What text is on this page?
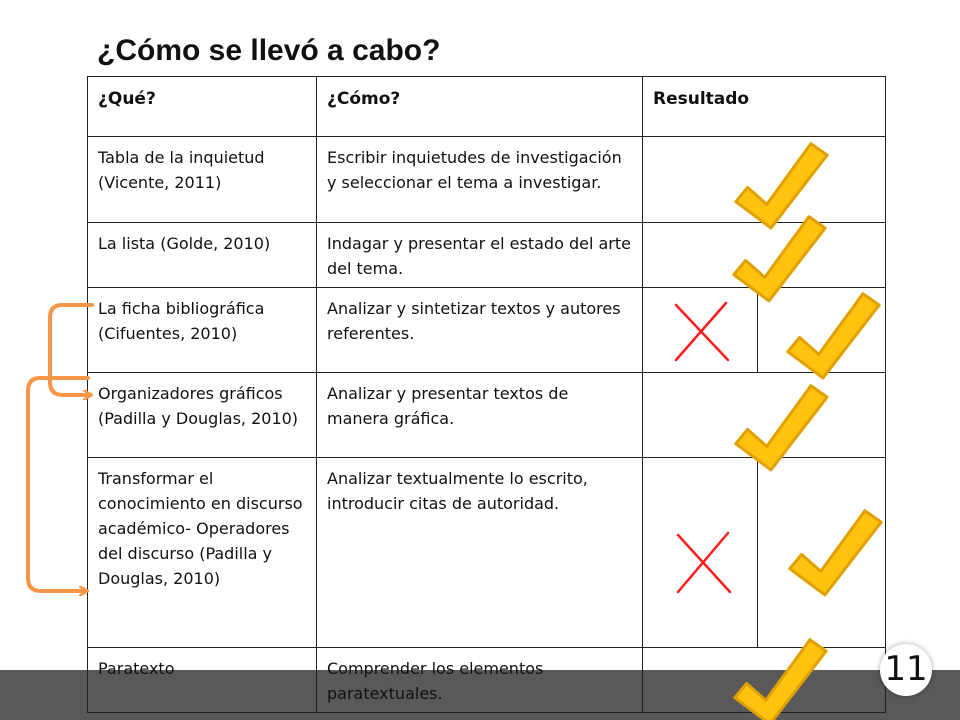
¿Cómo se llevó a cabo?
¿Qué?	¿Cómo?	Resultado
Tabla de la inquietud (Vicente, 2011)	Escribir inquietudes de investigación y seleccionar el tema a investigar.	
La lista (Golde, 2010)	Indagar y presentar el estado del arte del tema.	
La ficha bibliográfica (Cifuentes, 2010)	Analizar y sintetizar textos y autores referentes.	

Organizadores gráficos (Padilla y Douglas, 2010)	Analizar y presentar textos de manera gráfica.	
Transformar el conocimiento en discurso académico- Operadores del discurso (Padilla y Douglas, 2010)	Analizar textualmente lo escrito, introducir citas de autoridad.	

Paratexto	Comprender los elementos paratextuales.	
11
